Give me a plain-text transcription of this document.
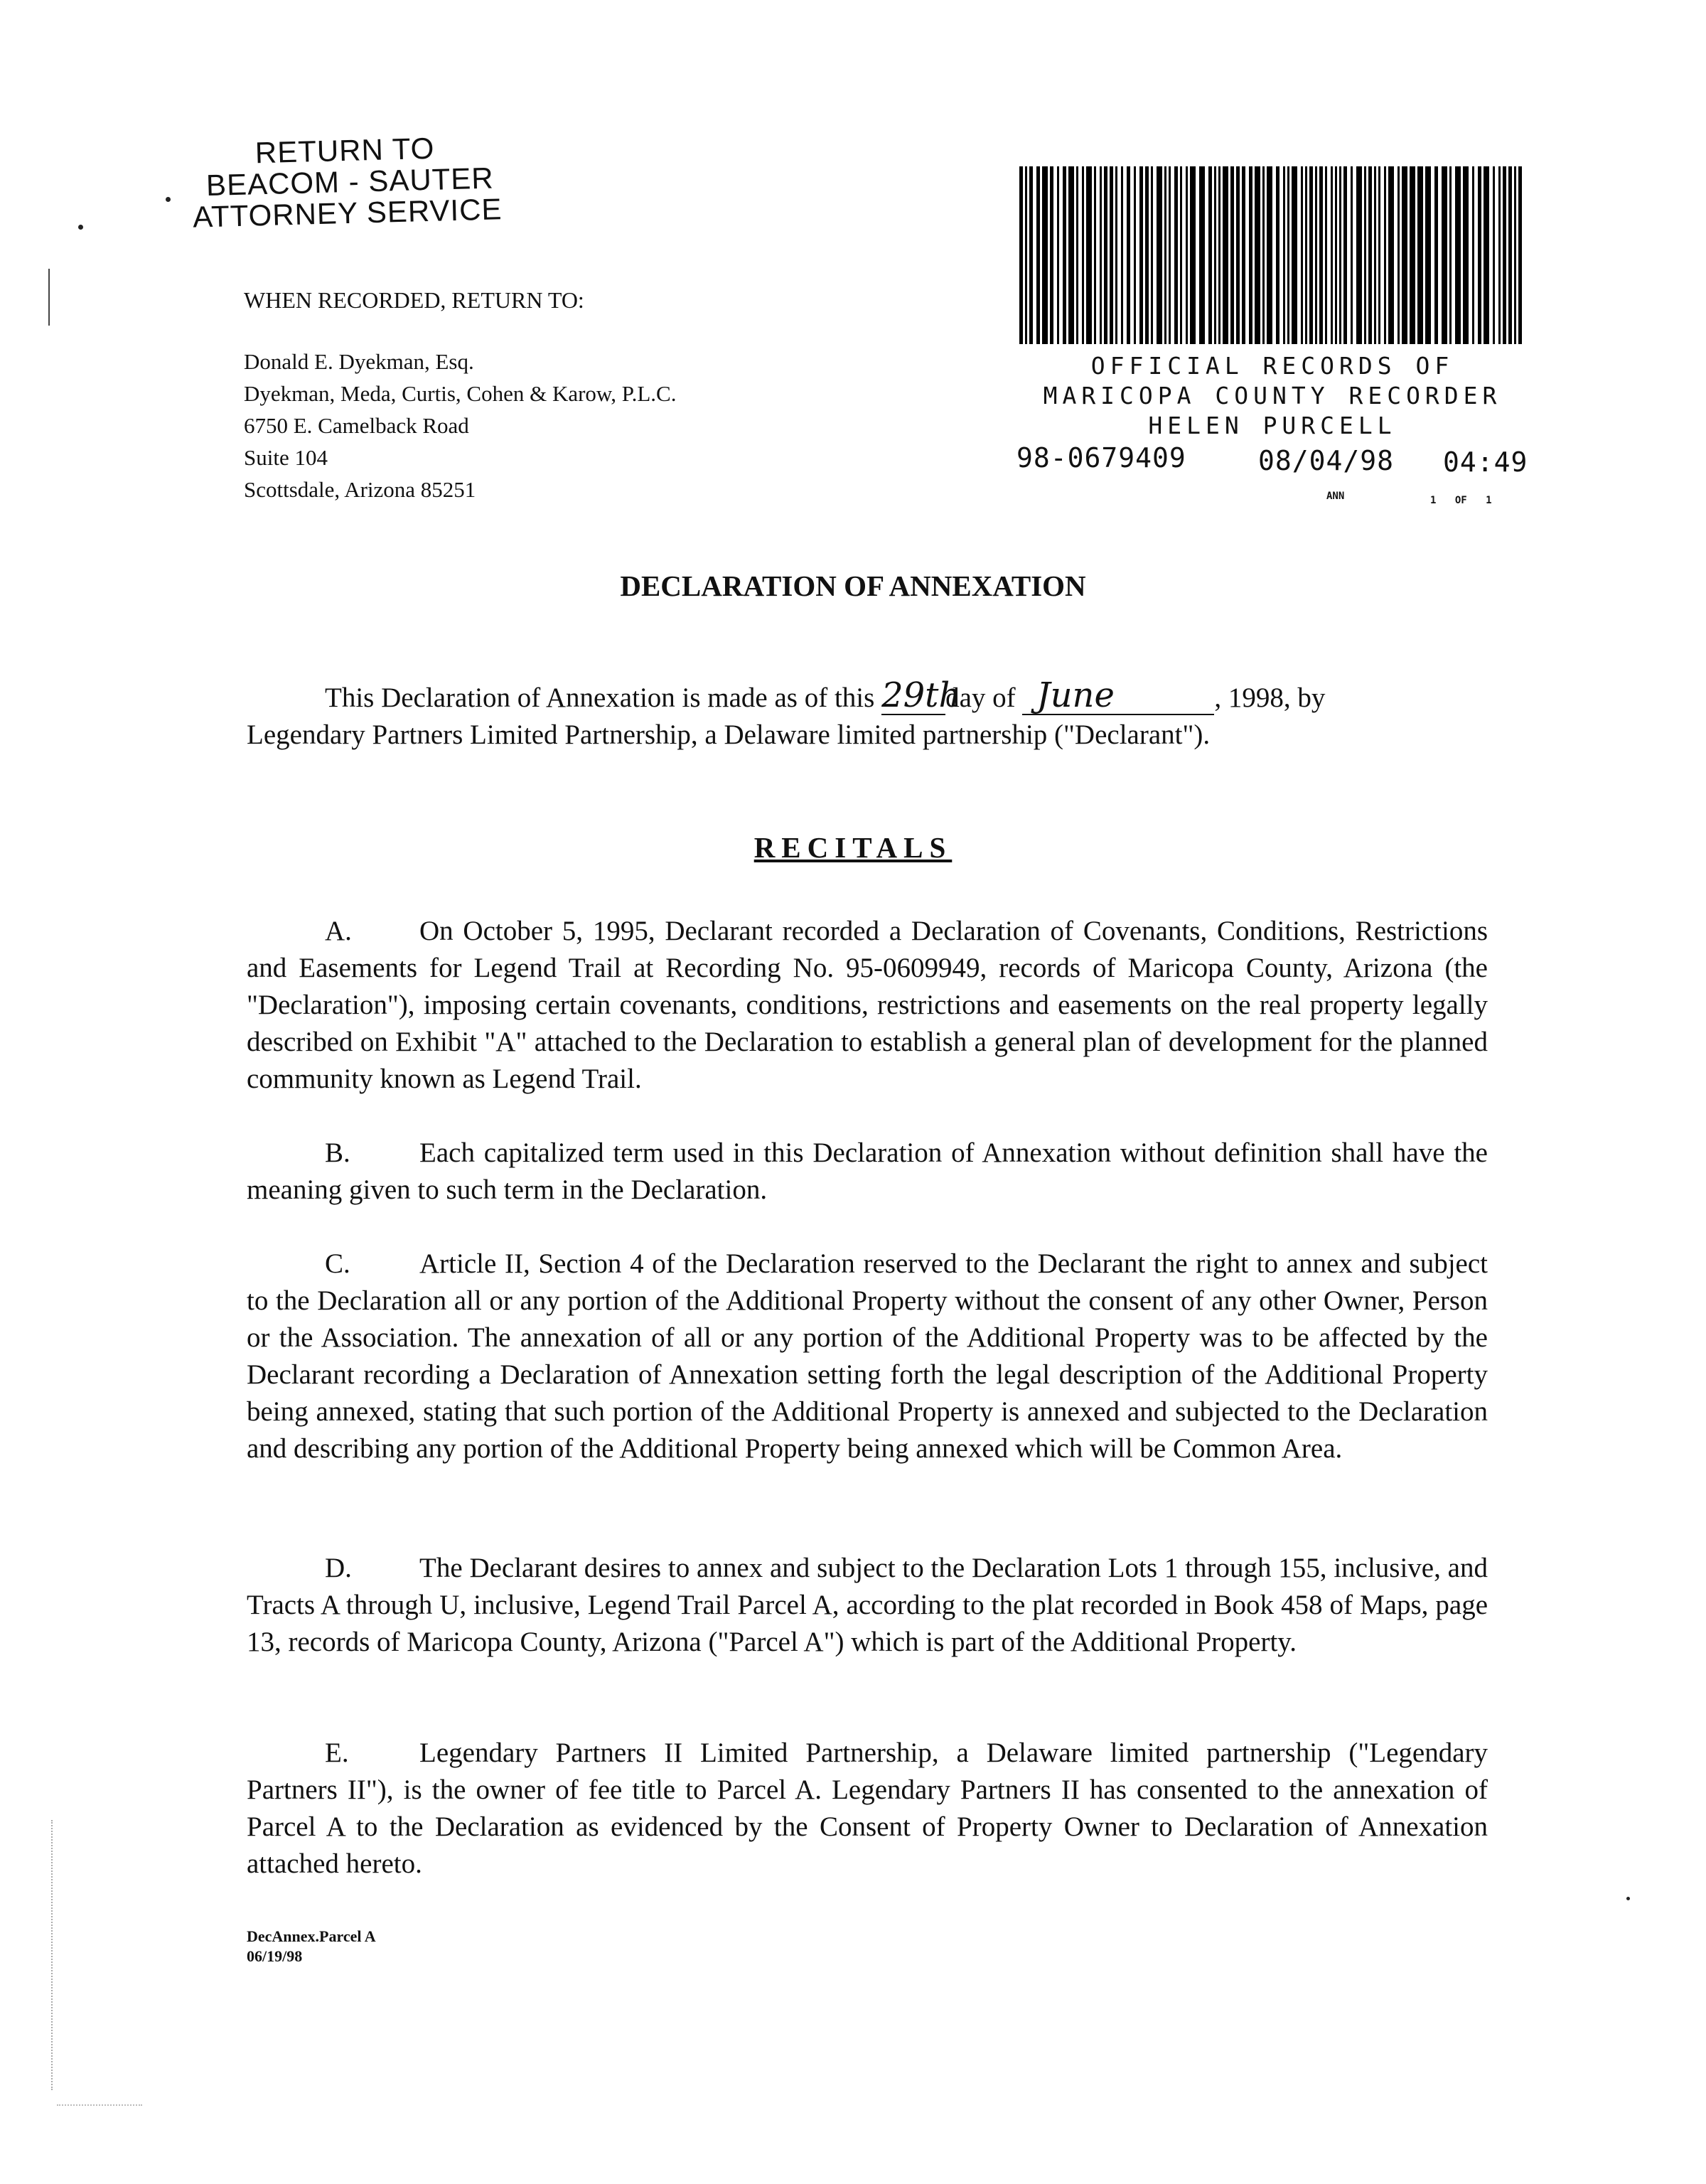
RETURN TO
BEACOM - SAUTER
ATTORNEY SERVICE
WHEN RECORDED, RETURN TO:
Donald E. Dyekman, Esq.
Dyekman, Meda, Curtis, Cohen & Karow, P.L.C.
6750 E. Camelback Road
Suite 104
Scottsdale, Arizona 85251
OFFICIAL RECORDS OF
MARICOPA COUNTY RECORDER
HELEN PURCELL
98-0679409	08/04/98 04:49
ANN	1 OF 1
DECLARATION OF ANNEXATION
This Declaration of Annexation is made as of this 29thday of June	, 1998, by
Legendary Partners Limited Partnership, a Delaware limited partnership ("Declarant").
RECITALS

A. On October 5, 1995, Declarant recorded a Declaration of Covenants, Conditions, Restrictions and Easements for Legend Trail at Recording No. 95-0609949, records of Maricopa County, Arizona (the "Declaration"), imposing certain covenants, conditions, restrictions and easements on the real property legally described on Exhibit "A" attached to the Declaration to establish a general plan of development for the planned community known as Legend Trail.

B. Each capitalized term used in this Declaration of Annexation without definition shall have the meaning given to such term in the Declaration.

C. Article II, Section 4 of the Declaration reserved to the Declarant the right to annex and subject to the Declaration all or any portion of the Additional Property without the consent of any other Owner, Person or the Association. The annexation of all or any portion of the Additional Property was to be affected by the Declarant recording a Declaration of Annexation setting forth the legal description of the Additional Property being annexed, stating that such portion of the Additional Property is annexed and subjected to the Declaration and describing any portion of the Additional Property being annexed which will be Common Area.

D. The Declarant desires to annex and subject to the Declaration Lots 1 through 155, inclusive, and Tracts A through U, inclusive, Legend Trail Parcel A, according to the plat recorded in Book 458 of Maps, page 13, records of Maricopa County, Arizona ("Parcel A") which is part of the Additional Property.

E.	Legendary Partners II Limited Partnership, a Delaware limited partnership ("Legendary Partners II"), is the owner of fee title to Parcel A. Legendary Partners II has consented to the annexation of Parcel A to the Declaration as evidenced by the Consent of Property Owner to Declaration of Annexation attached hereto.

DecAnnex.Parcel A
06/19/98
